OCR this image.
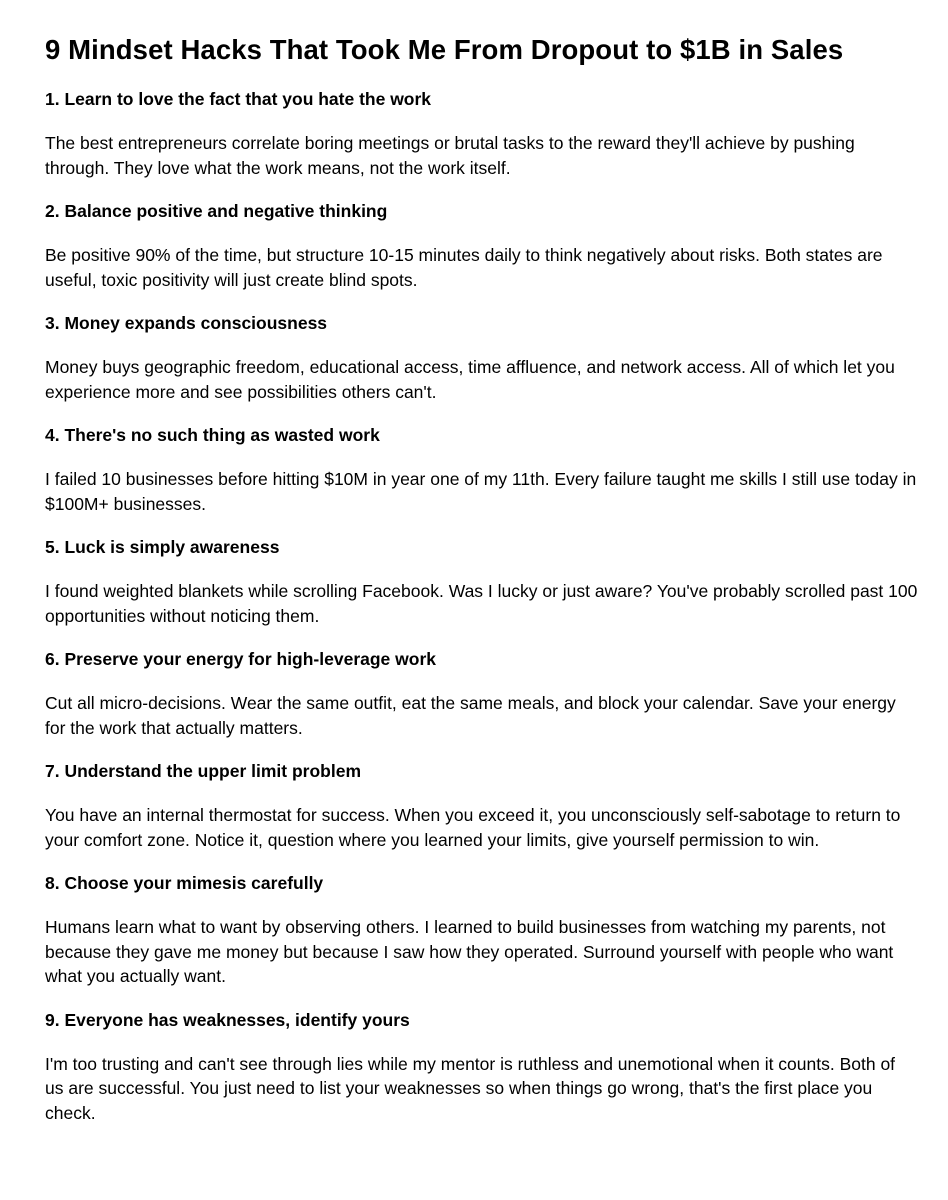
9 Mindset Hacks That Took Me From Dropout to $1B in Sales
1. Learn to love the fact that you hate the work

The best entrepreneurs correlate boring meetings or brutal tasks to the reward they'll achieve by pushing through. They love what the work means, not the work itself.

2. Balance positive and negative thinking

Be positive 90% of the time, but structure 10-15 minutes daily to think negatively about risks. Both states are useful, toxic positivity will just create blind spots.

3. Money expands consciousness

Money buys geographic freedom, educational access, time affluence, and network access. All of which let you experience more and see possibilities others can't.

4. There's no such thing as wasted work

I failed 10 businesses before hitting $10M in year one of my 11th. Every failure taught me skills I still use today in $100M+ businesses.

5. Luck is simply awareness

I found weighted blankets while scrolling Facebook. Was I lucky or just aware? You've probably scrolled past 100 opportunities without noticing them.

6. Preserve your energy for high-leverage work

Cut all micro-decisions. Wear the same outfit, eat the same meals, and block your calendar. Save your energy for the work that actually matters.

7. Understand the upper limit problem

You have an internal thermostat for success. When you exceed it, you unconsciously self-sabotage to return to your comfort zone. Notice it, question where you learned your limits, give yourself permission to win.

8. Choose your mimesis carefully

Humans learn what to want by observing others. I learned to build businesses from watching my parents, not because they gave me money but because I saw how they operated. Surround yourself with people who want what you actually want.

9. Everyone has weaknesses, identify yours

I'm too trusting and can't see through lies while my mentor is ruthless and unemotional when it counts. Both of us are successful. You just need to list your weaknesses so when things go wrong, that's the first place you check.
